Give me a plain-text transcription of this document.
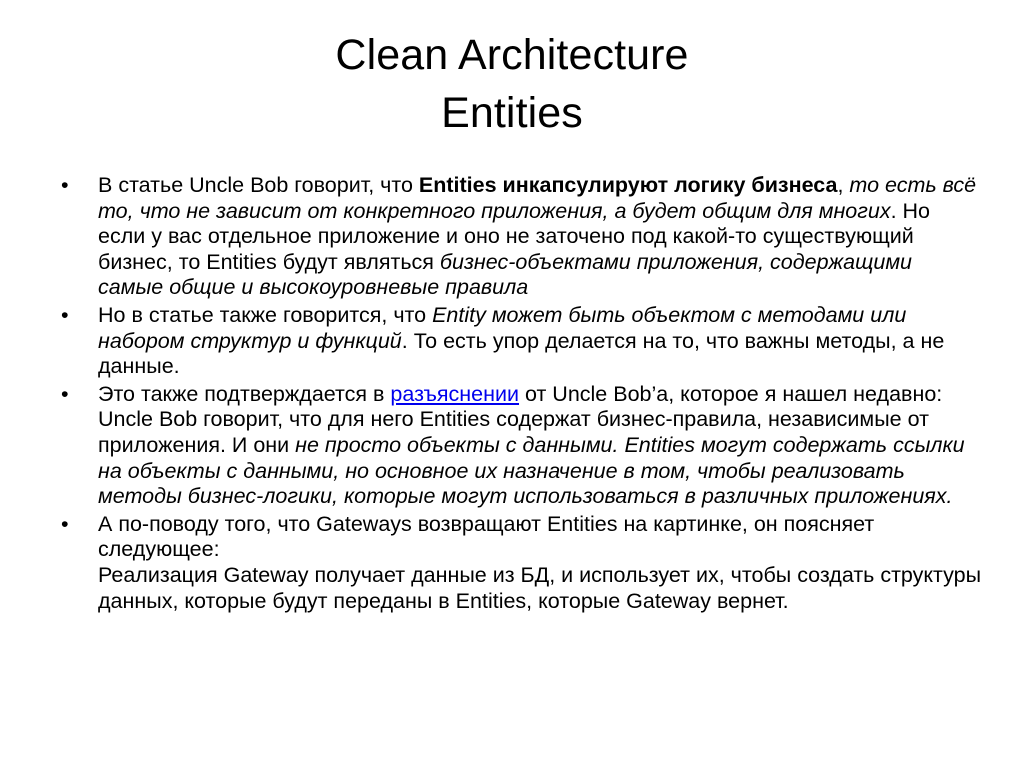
Clean Architecture
Entities
•	В статье Uncle Bob говорит, что Entities инкапсулируют логику бизнеса, то есть всё то, что не зависит от конкретного приложения, а будет общим для многих. Но если у вас отдельное приложение и оно не заточено под какой-то существующий бизнес, то Entities будут являться бизнес-объектами приложения, содержащими самые общие и высокоуровневые правила
•	Но в статье также говорится, что Entity может быть объектом с методами или набором структур и функций. То есть упор делается на то, что важны методы, а не данные.
•	Это также подтверждается в разъяснении от Uncle Bob’a, которое я нашел недавно:
Uncle Bob говорит, что для него Entities содержат бизнес-правила, независимые от приложения. И они не просто объекты с данными. Entities могут содержать ссылки на объекты с данными, но основное их назначение в том, чтобы реализовать методы бизнес-логики, которые могут использоваться в различных приложениях.
•	А по-поводу того, что Gateways возвращают Entities на картинке, он поясняет следующее:
Реализация Gateway получает данные из БД, и использует их, чтобы создать структуры данных, которые будут переданы в Entities, которые Gateway вернет.
